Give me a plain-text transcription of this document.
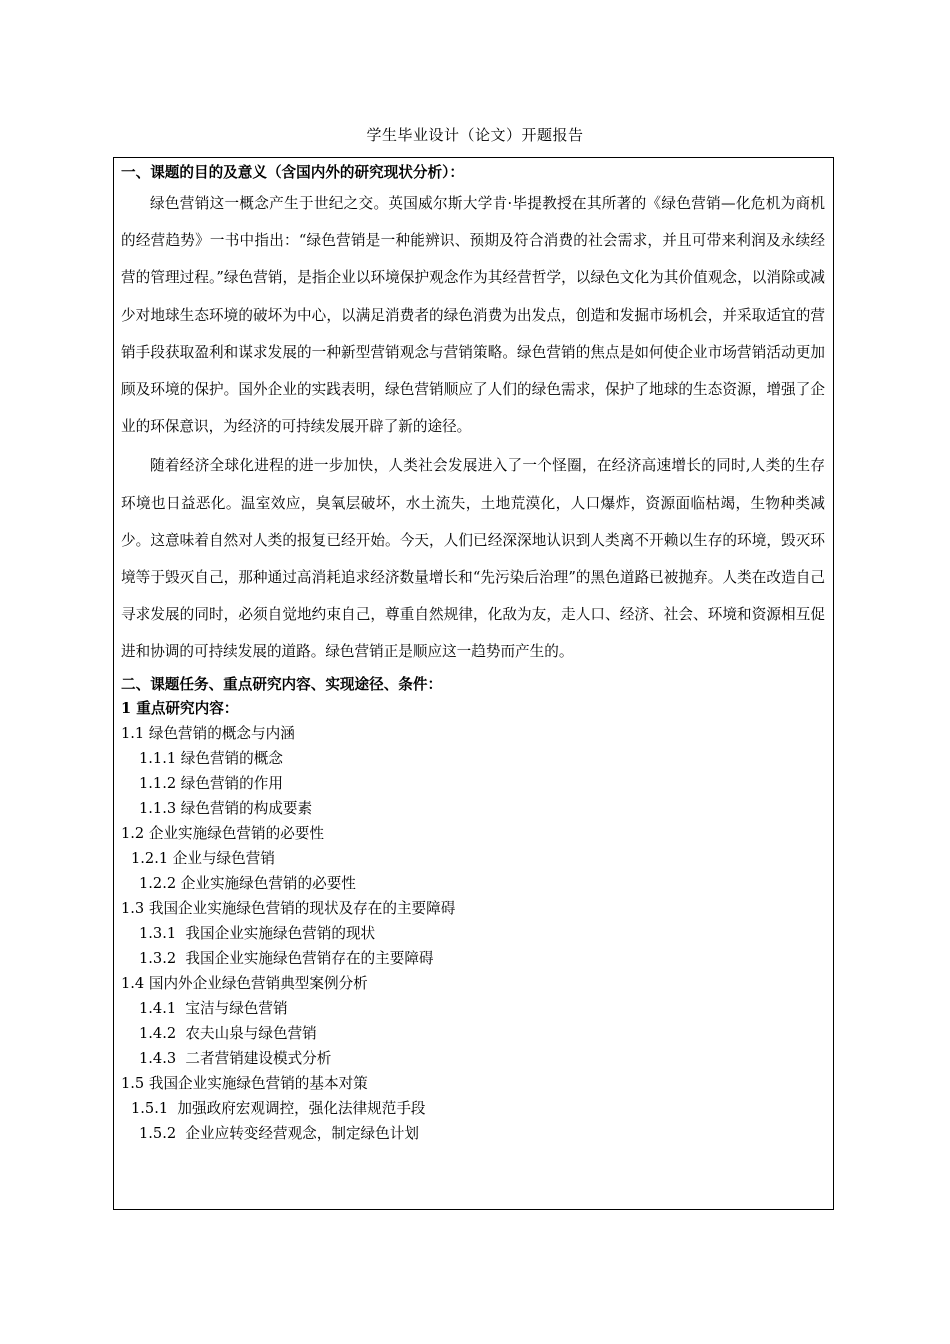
学生毕业设计（论文）开题报告
一、课题的目的及意义（含国内外的研究现状分析）：

绿色营销这一概念产生于世纪之交。英国威尔斯大学肯·毕提教授在其所著的《绿色营销—化危机为商机的经营趋势》一书中指出：“绿色营销是一种能辨识、预期及符合消费的社会需求，并且可带来利润及永续经营的管理过程。”绿色营销，是指企业以环境保护观念作为其经营哲学，以绿色文化为其价值观念，以消除或减少对地球生态环境的破坏为中心，以满足消费者的绿色消费为出发点，创造和发掘市场机会，并采取适宜的营销手段获取盈利和谋求发展的一种新型营销观念与营销策略。绿色营销的焦点是如何使企业市场营销活动更加顾及环境的保护。国外企业的实践表明，绿色营销顺应了人们的绿色需求，保护了地球的生态资源，增强了企业的环保意识，为经济的可持续发展开辟了新的途径。

随着经济全球化进程的进一步加快，人类社会发展进入了一个怪圈，在经济高速增长的同时,人类的生存环境也日益恶化。温室效应，臭氧层破坏，水土流失，土地荒漠化，人口爆炸，资源面临枯竭，生物种类减少。这意味着自然对人类的报复已经开始。今天，人们已经深深地认识到人类离不开赖以生存的环境，毁灭环境等于毁灭自己，那种通过高消耗追求经济数量增长和“先污染后治理”的黑色道路已被抛弃。人类在改造自己寻求发展的同时，必须自觉地约束自己，尊重自然规律，化敌为友，走人口、经济、社会、环境和资源相互促进和协调的可持续发展的道路。绿色营销正是顺应这一趋势而产生的。

二、课题任务、重点研究内容、实现途径、条件：
1 重点研究内容：
1.1 绿色营销的概念与内涵
1.1.1 绿色营销的概念
1.1.2 绿色营销的作用
1.1.3 绿色营销的构成要素
1.2 企业实施绿色营销的必要性
1.2.1 企业与绿色营销
1.2.2 企业实施绿色营销的必要性
1.3 我国企业实施绿色营销的现状及存在的主要障碍
1.3.1  我国企业实施绿色营销的现状
1.3.2  我国企业实施绿色营销存在的主要障碍
1.4 国内外企业绿色营销典型案例分析
1.4.1  宝洁与绿色营销
1.4.2  农夫山泉与绿色营销
1.4.3  二者营销建设模式分析
1.5 我国企业实施绿色营销的基本对策
1.5.1  加强政府宏观调控，强化法律规范手段
1.5.2  企业应转变经营观念，制定绿色计划
